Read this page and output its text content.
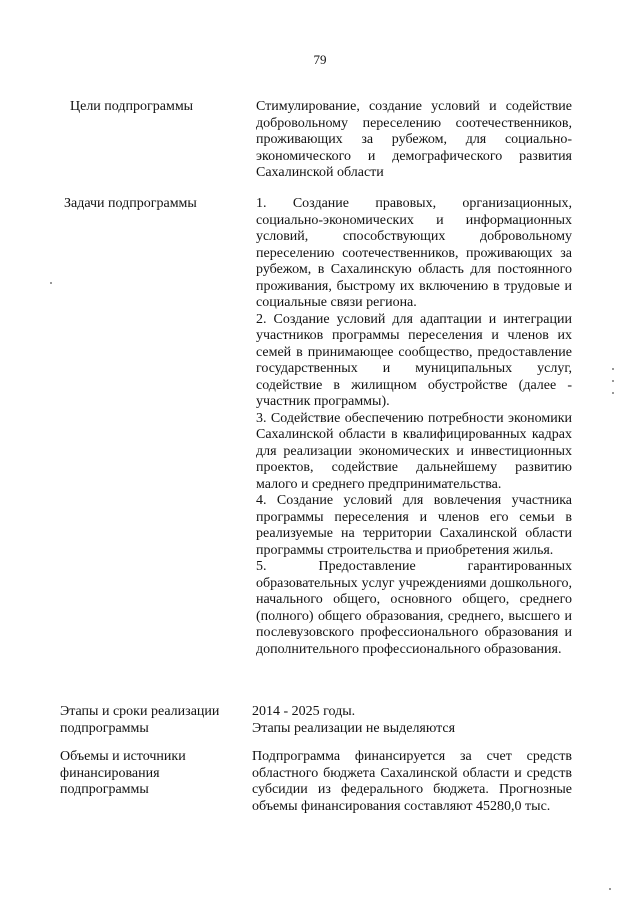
79
Цели подпрограммы	Стимулирование, создание условий и содействие добровольному переселению соотечественников, проживающих за рубежом, для социально-экономического и демографического развития Сахалинской области
Задачи подпрограммы	1. Создание правовых, организационных, социально-экономических и информационных условий, способствующих добровольному переселению соотечественников, проживающих за рубежом, в Сахалинскую область для постоянного проживания, быстрому их включению в трудовые и социальные связи региона.

2. Создание условий для адаптации и интеграции участников программы переселения и членов их семей в принимающее сообщество, предоставление государственных и муниципальных услуг, содействие в жилищном обустройстве (далее - участник программы).

3. Содействие обеспечению потребности экономики Сахалинской области в квалифицированных кадрах для реализации экономических и инвестиционных проектов, содействие дальнейшему развитию малого и среднего предпринимательства.

4. Создание условий для вовлечения участника программы переселения и членов его семьи в реализуемые на территории Сахалинской области программы строительства и приобретения жилья.

5. Предоставление гарантированных образовательных услуг учреждениями дошкольного, начального общего, основного общего, среднего (полного) общего образования, среднего, высшего и послевузовского профессионального образования и дополнительного профессионального образования.

Этапы и сроки реализации подпрограммы
2014 - 2025 годы.
Этапы реализации не выделяются
Объемы и источники финансирования подпрограммы
Подпрограмма финансируется за счет средств областного бюджета Сахалинской области и средств субсидии из федерального бюджета. Прогнозные объемы финансирования составляют 45280,0 тыс.
